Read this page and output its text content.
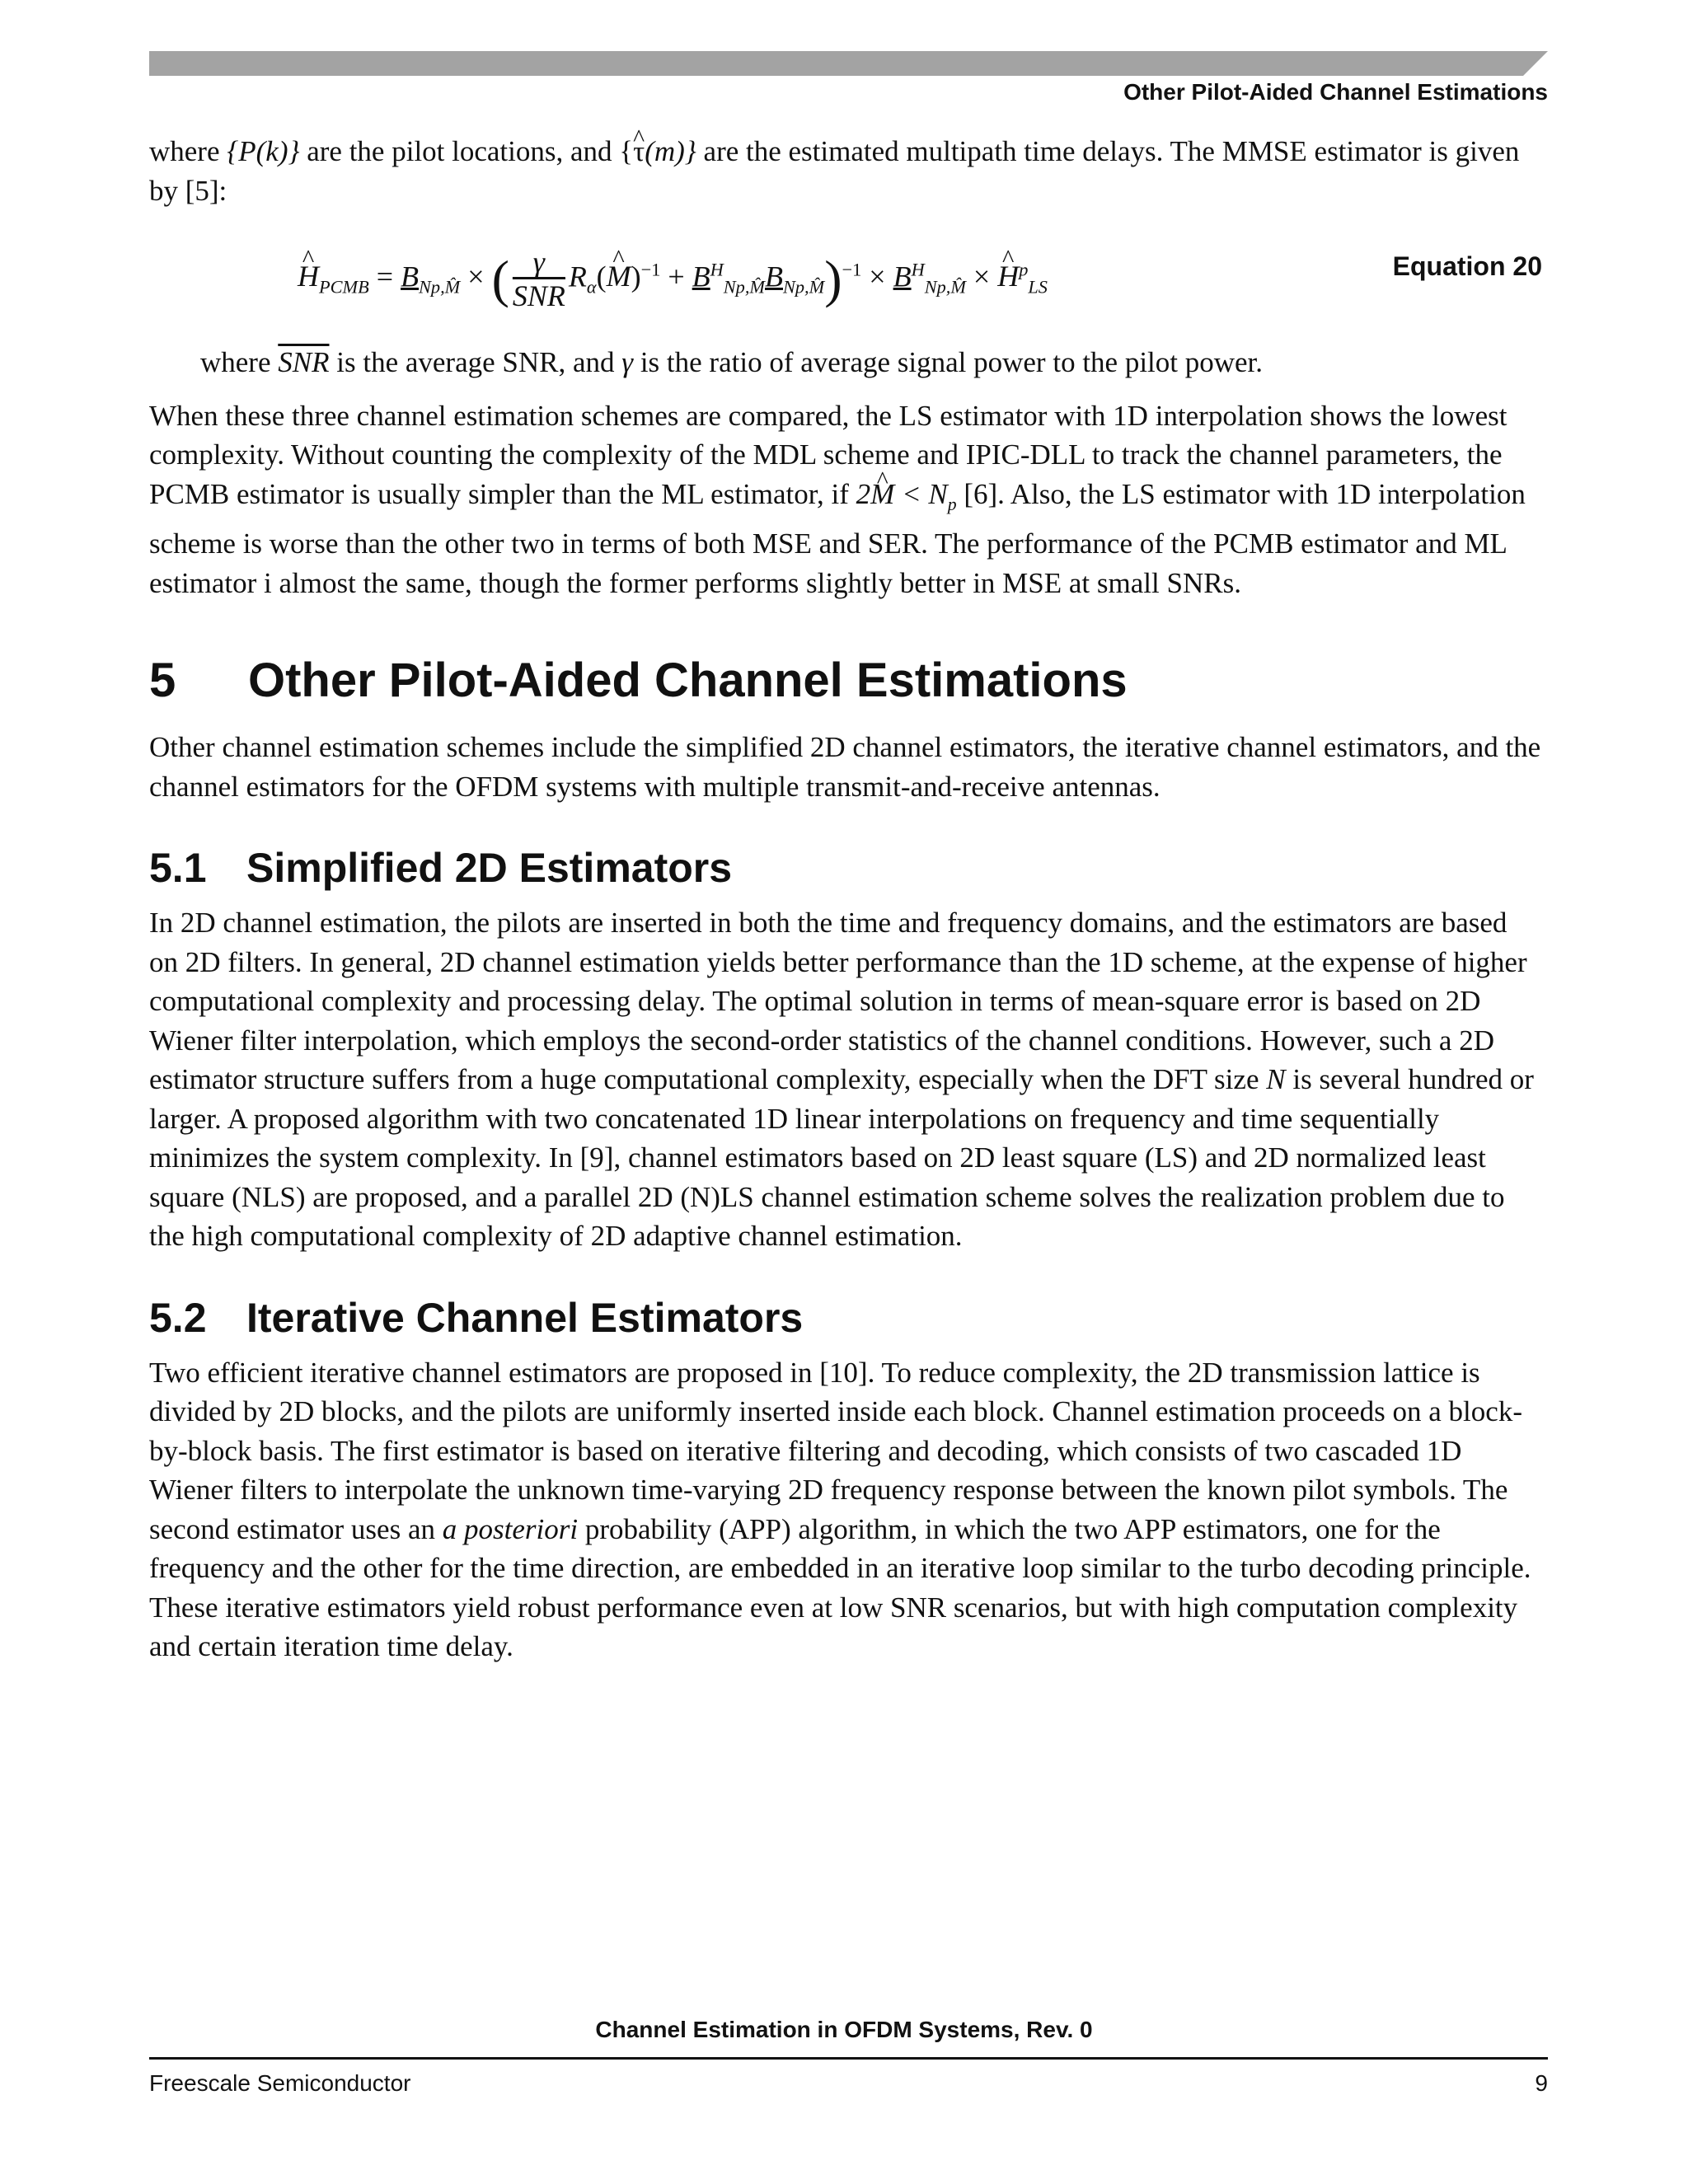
Other Pilot-Aided Channel Estimations

where {P(k)} are the pilot locations, and {^ τ(m)} are the estimated multipath time delays. The MMSE estimator is given by [5]:

^ $H_{PCMB} = B_{Np,M̂}$ × ( $\frac{\gamma}{\text{SNR}}$ $R_\alpha(\^{}$ $M)^{-1} + B^H_{Np,M̂}B_{Np,M̂})^{-1} \times B^H_{Np,M̂}$ × ^ $H^p_{LS}$
Equation 20

where $\overline{SNR}$ is the average SNR, and γ is the ratio of average signal power to the pilot power.

When these three channel estimation schemes are compared, the LS estimator with 1D interpolation shows the lowest complexity. Without counting the complexity of the MDL scheme and IPIC-DLL to track the channel parameters, the PCMB estimator is usually simpler than the ML estimator, if 2^ $M < N_p$ [6]. Also, the LS estimator with 1D interpolation scheme is worse than the other two in terms of both MSE and SER. The performance of the PCMB estimator and ML estimator i almost the same, though the former performs slightly better in MSE at small SNRs.

5 Other Pilot-Aided Channel Estimations

Other channel estimation schemes include the simplified 2D channel estimators, the iterative channel estimators, and the channel estimators for the OFDM systems with multiple transmit-and-receive antennas.

5.1 Simplified 2D Estimators

In 2D channel estimation, the pilots are inserted in both the time and frequency domains, and the estimators are based on 2D filters. In general, 2D channel estimation yields better performance than the 1D scheme, at the expense of higher computational complexity and processing delay. The optimal solution in terms of mean-square error is based on 2D Wiener filter interpolation, which employs the second-order statistics of the channel conditions. However, such a 2D estimator structure suffers from a huge computational complexity, especially when the DFT size N is several hundred or larger. A proposed algorithm with two concatenated 1D linear interpolations on frequency and time sequentially minimizes the system complexity. In [9], channel estimators based on 2D least square (LS) and 2D normalized least square (NLS) are proposed, and a parallel 2D (N)LS channel estimation scheme solves the realization problem due to the high computational complexity of 2D adaptive channel estimation.

5.2 Iterative Channel Estimators

Two efficient iterative channel estimators are proposed in [10]. To reduce complexity, the 2D transmission lattice is divided by 2D blocks, and the pilots are uniformly inserted inside each block. Channel estimation proceeds on a block-by-block basis. The first estimator is based on iterative filtering and decoding, which consists of two cascaded 1D Wiener filters to interpolate the unknown time-varying 2D frequency response between the known pilot symbols. The second estimator uses an a posteriori probability (APP) algorithm, in which the two APP estimators, one for the frequency and the other for the time direction, are embedded in an iterative loop similar to the turbo decoding principle. These iterative estimators yield robust performance even at low SNR scenarios, but with high computation complexity and certain iteration time delay.

Channel Estimation in OFDM Systems, Rev. 0
Freescale Semiconductor	9
